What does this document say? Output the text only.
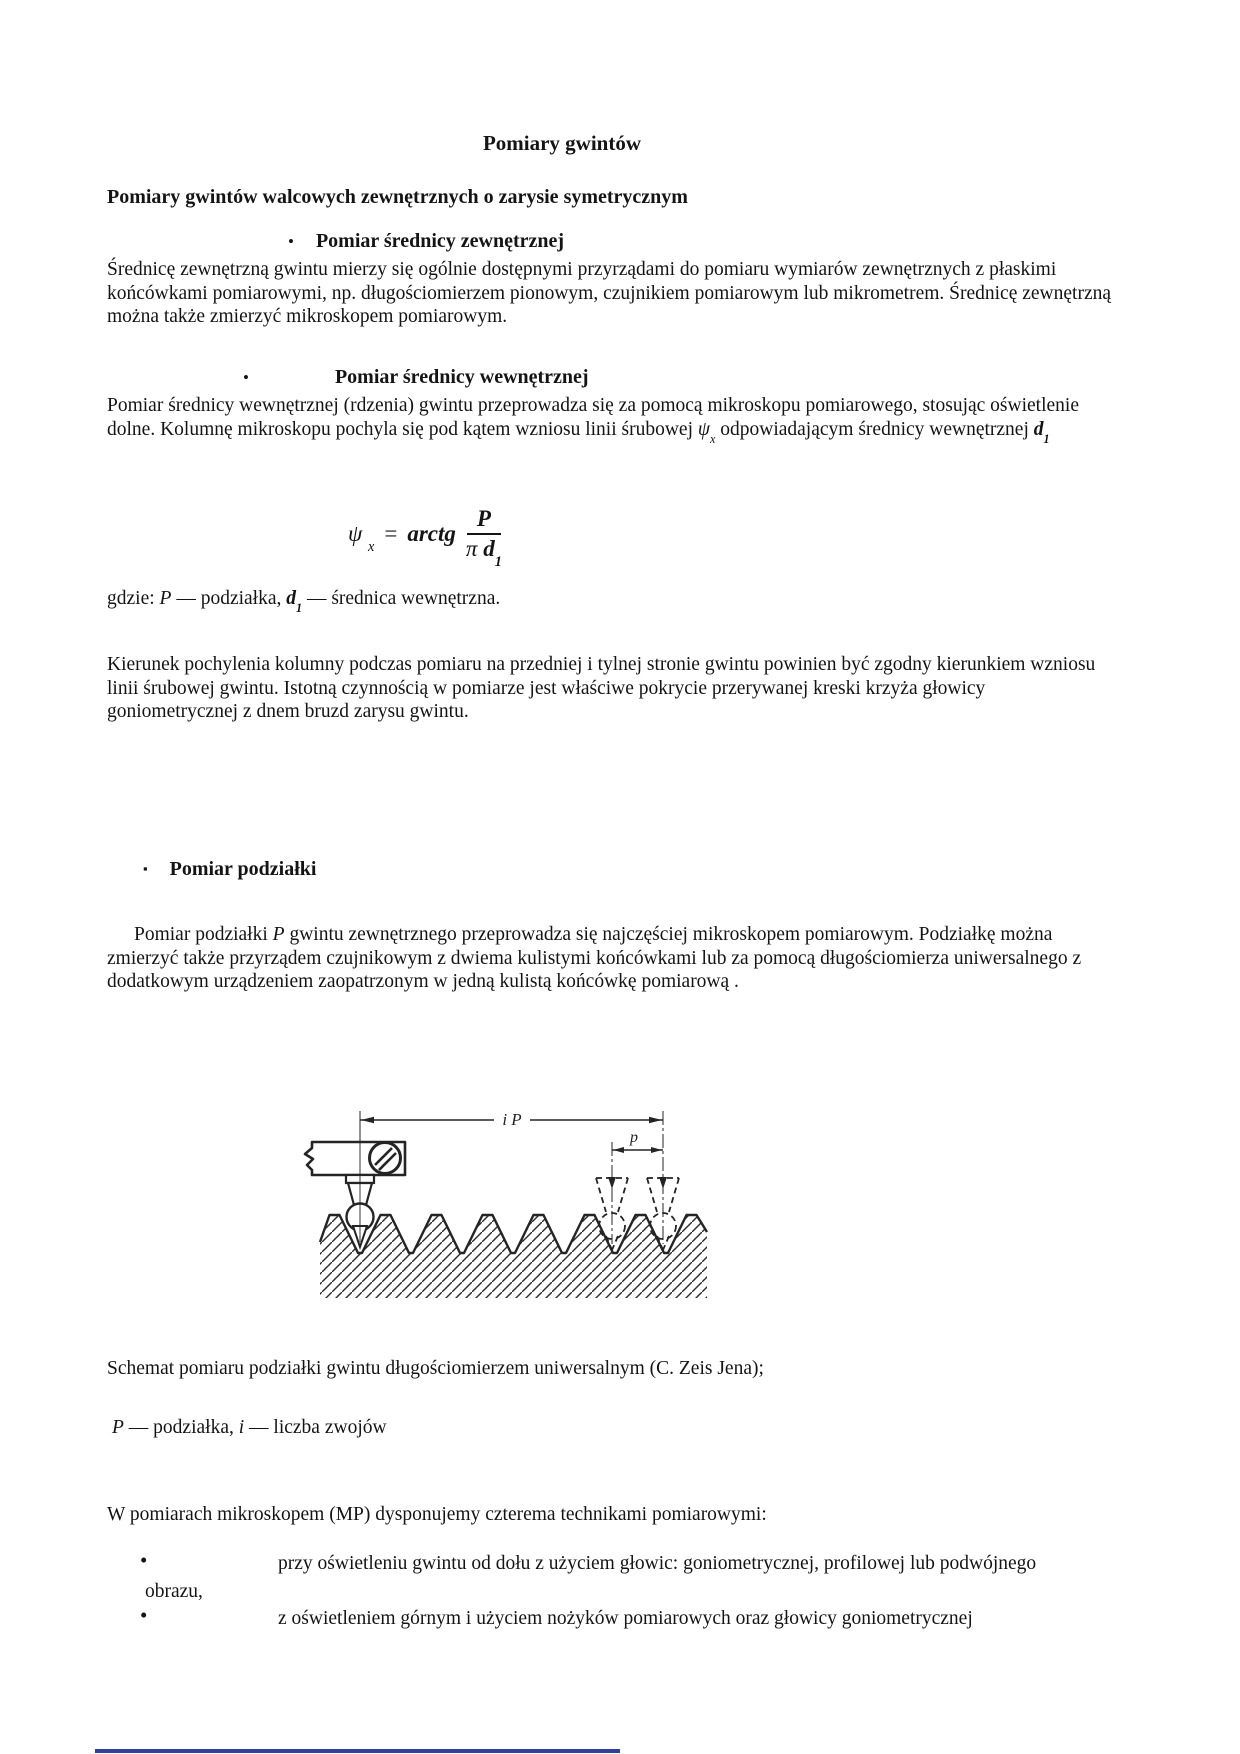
Pomiary gwintów
Pomiary gwintów walcowych zewnętrznych o zarysie symetrycznym
• Pomiar średnicy zewnętrznej
Średnicę zewnętrzną gwintu mierzy się ogólnie dostępnymi przyrządami do pomiaru wymiarów zewnętrznych z płaskimi końcówkami pomiarowymi, np. długościomierzem pionowym, czujnikiem pomiarowym lub mikrometrem. Średnicę zewnętrzną można także zmierzyć mikroskopem pomiarowym.
•	Pomiar średnicy wewnętrznej
Pomiar średnicy wewnętrznej (rdzenia) gwintu przeprowadza się za pomocą mikroskopu pomiarowego, stosując oświetlenie dolne. Kolumnę mikroskopu pochyla się pod kątem wzniosu linii śrubowej $\psi_x$ odpowiadającym średnicy wewnętrznej $d_1$
ψ $_x$
= arctg $\frac{P}{\pi d_1}$
gdzie: P — podziałka, $d_1$ — średnica wewnętrzna.
Kierunek pochylenia kolumny podczas pomiaru na przedniej i tylnej stronie gwintu powinien być zgodny kierunkiem wzniosu linii śrubowej gwintu. Istotną czynnością w pomiarze jest właściwe pokrycie przerywanej kreski krzyża głowicy goniometrycznej z dnem bruzd zarysu gwintu.
▪ Pomiar podziałki
Pomiar podziałki P gwintu zewnętrznego przeprowadza się najczęściej mikroskopem pomiarowym. Podziałkę można zmierzyć także przyrządem czujnikowym z dwiema kulistymi końcówkami lub za pomocą długościomierza uniwersalnego z dodatkowym urządzeniem zaopatrzonym w jedną kulistą końcówkę pomiarową .
i P
p
Schemat pomiaru podziałki gwintu długościomierzem uniwersalnym (C. Zeis Jena);
P — podziałka, i — liczba zwojów
W pomiarach mikroskopem (MP) dysponujemy czterema technikami pomiarowymi:
•	przy oświetleniu gwintu od dołu z użyciem głowic: goniometrycznej, profilowej lub podwójnego obrazu,
•	z oświetleniem górnym i użyciem nożyków pomiarowych oraz głowicy goniometrycznej
